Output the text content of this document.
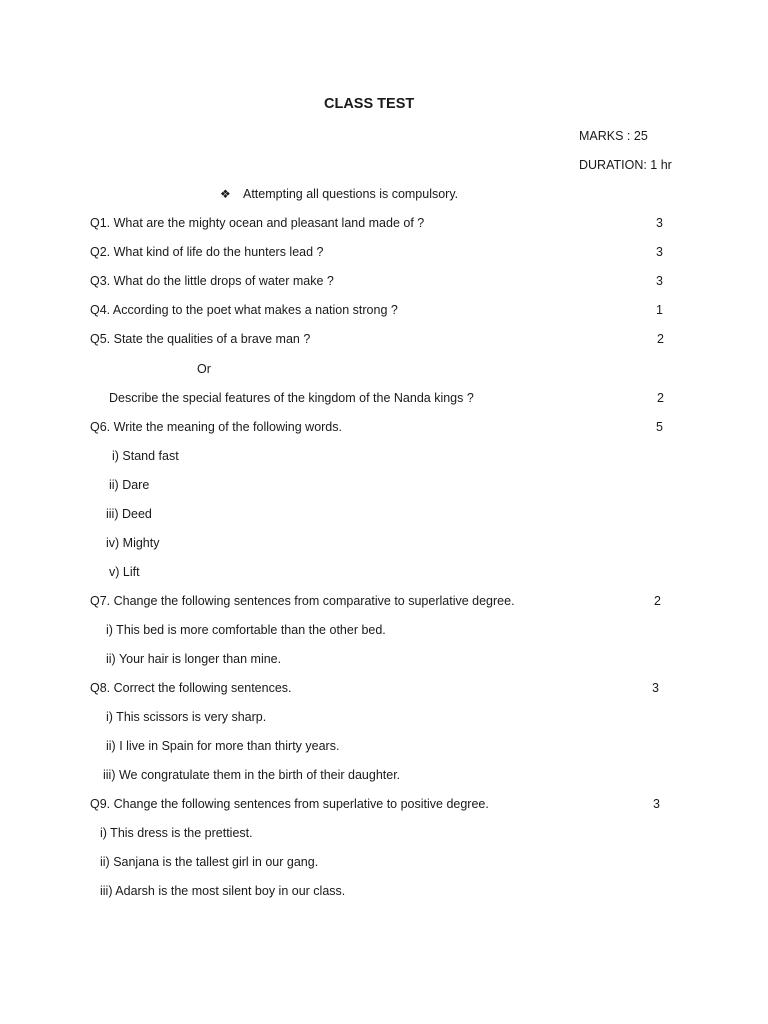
CLASS TEST
MARKS : 25
DURATION: 1 hr
❖ Attempting all questions is compulsory.
Q1. What are the mighty ocean and pleasant land made of ?	3
Q2. What kind of life do the hunters lead ?	3
Q3. What do the little drops of water make ?	3
Q4. According to the poet what makes a nation strong ?	1
Q5. State the qualities of a brave man ?	2
Or
Describe the special features of the kingdom of the Nanda kings ?	2
Q6. Write the meaning of the following words.	5
i) Stand fast
ii) Dare
iii) Deed
iv) Mighty
v) Lift
Q7. Change the following sentences from comparative to superlative degree.	2
i) This bed is more comfortable than the other bed.
ii) Your hair is longer than mine.
Q8. Correct the following sentences.	3
i) This scissors is very sharp.
ii) I live in Spain for more than thirty years.
iii) We congratulate them in the birth of their daughter.
Q9. Change the following sentences from superlative to positive degree.	3
i) This dress is the prettiest.
ii) Sanjana is the tallest girl in our gang.
iii) Adarsh is the most silent boy in our class.
